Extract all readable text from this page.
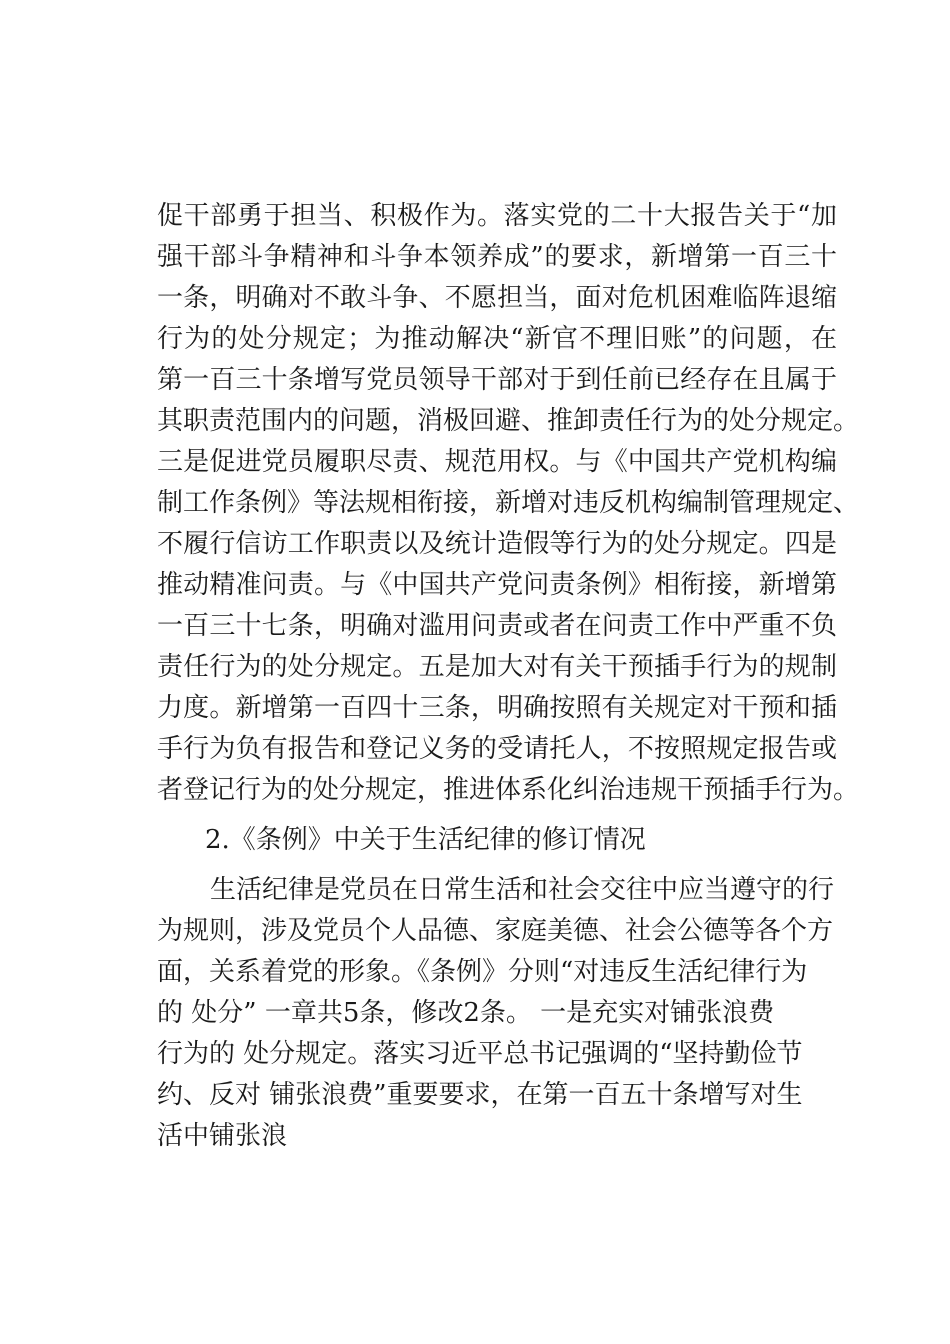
促干部勇于担当、积极作为。落实党的二十大报告关于“加
强干部斗争精神和斗争本领养成”的要求，新增第一百三十
一条，明确对不敢斗争、不愿担当，面对危机困难临阵退缩
行为的处分规定；为推动解决“新官不理旧账”的问题，在
第一百三十条增写党员领导干部对于到任前已经存在且属于
其职责范围内的问题，消极回避、推卸责任行为的处分规定。
三是促进党员履职尽责、规范用权。与《中国共产党机构编
制工作条例》等法规相衔接，新增对违反机构编制管理规定、
不履行信访工作职责以及统计造假等行为的处分规定。四是
推动精准问责。与《中国共产党问责条例》相衔接，新增第
一百三十七条，明确对滥用问责或者在问责工作中严重不负
责任行为的处分规定。五是加大对有关干预插手行为的规制
力度。新增第一百四十三条，明确按照有关规定对干预和插
手行为负有报告和登记义务的受请托人，不按照规定报告或
者登记行为的处分规定，推进体系化纠治违规干预插手行为。
2.《条例》中关于生活纪律的修订情况
　生活纪律是党员在日常生活和社会交往中应当遵守的行
为规则，涉及党员个人品德、家庭美德、社会公德等各个方
面，关系着党的形象。《条例》分则“对违反生活纪律行为
的 处分” 一章共5条，修改2条。 一是充实对铺张浪费
行为的 处分规定。落实习近平总书记强调的“坚持勤俭节
约、反对 铺张浪费”重要要求，在第一百五十条增写对生
活中铺张浪
